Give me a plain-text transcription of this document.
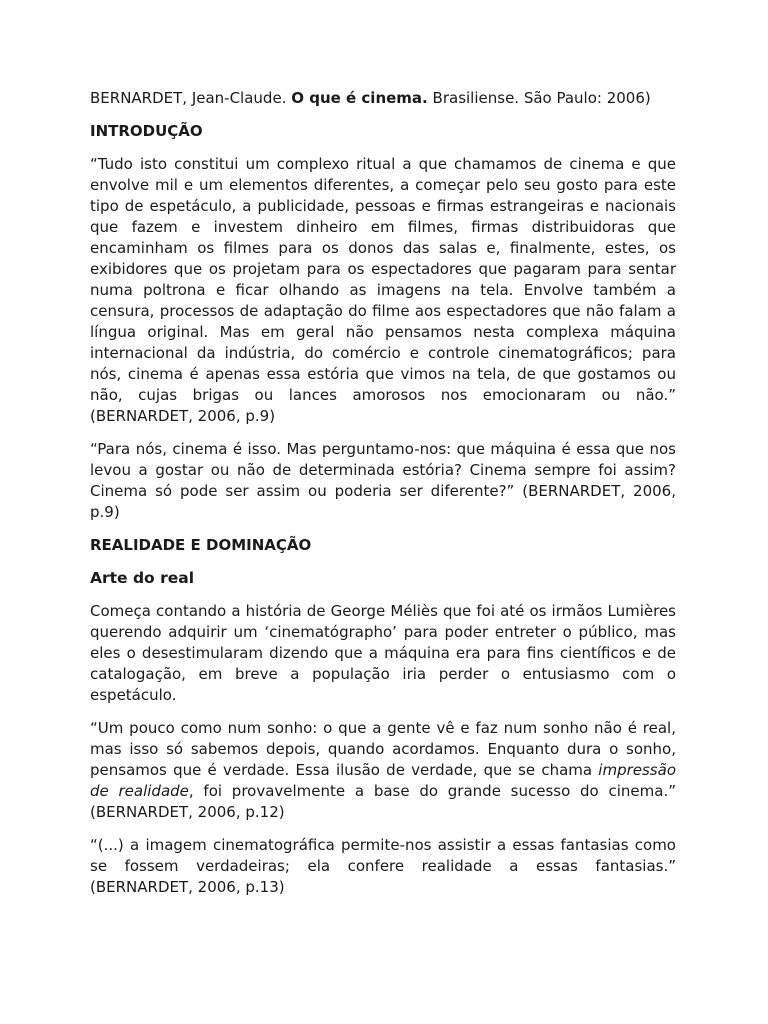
BERNARDET, Jean-Claude. O que é cinema. Brasiliense. São Paulo: 2006)

INTRODUÇÃO

“Tudo isto constitui um complexo ritual a que chamamos de cinema e que envolve mil e um elementos diferentes, a começar pelo seu gosto para este tipo de espetáculo, a publicidade, pessoas e firmas estrangeiras e nacionais que fazem e investem dinheiro em filmes, firmas distribuidoras que encaminham os filmes para os donos das salas e, finalmente, estes, os exibidores que os projetam para os espectadores que pagaram para sentar numa poltrona e ficar olhando as imagens na tela. Envolve também a censura, processos de adaptação do filme aos espectadores que não falam a língua original. Mas em geral não pensamos nesta complexa máquina internacional da indústria, do comércio e controle cinematográficos; para nós, cinema é apenas essa estória que vimos na tela, de que gostamos ou não, cujas brigas ou lances amorosos nos emocionaram ou não.” (BERNARDET, 2006, p.9)

“Para nós, cinema é isso. Mas perguntamo-nos: que máquina é essa que nos levou a gostar ou não de determinada estória? Cinema sempre foi assim? Cinema só pode ser assim ou poderia ser diferente?” (BERNARDET, 2006, p.9)

REALIDADE E DOMINAÇÃO

Arte do real

Começa contando a história de George Méliès que foi até os irmãos Lumières querendo adquirir um ‘cinematógrapho’ para poder entreter o público, mas eles o desestimularam dizendo que a máquina era para fins científicos e de catalogação, em breve a população iria perder o entusiasmo com o espetáculo.

“Um pouco como num sonho: o que a gente vê e faz num sonho não é real, mas isso só sabemos depois, quando acordamos. Enquanto dura o sonho, pensamos que é verdade. Essa ilusão de verdade, que se chama impressão de realidade, foi provavelmente a base do grande sucesso do cinema.” (BERNARDET, 2006, p.12)

“(...) a imagem cinematográfica permite-nos assistir a essas fantasias como se fossem verdadeiras; ela confere realidade a essas fantasias.” (BERNARDET, 2006, p.13)
